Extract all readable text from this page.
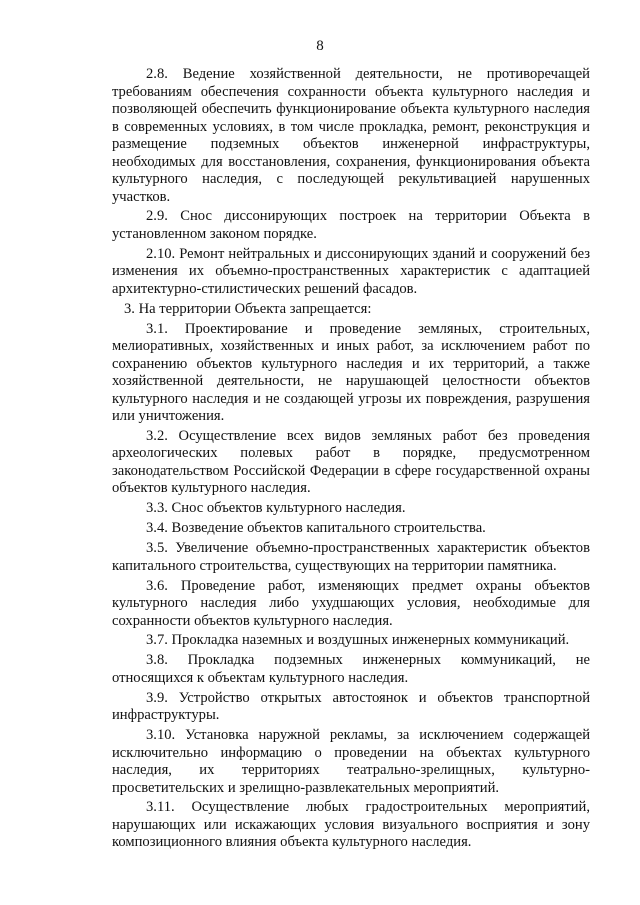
8

2.8. Ведение хозяйственной деятельности, не противоречащей требованиям обеспечения сохранности объекта культурного наследия и позволяющей обеспечить функционирование объекта культурного наследия в современных условиях, в том числе прокладка, ремонт, реконструкция и размещение подземных объектов инженерной инфраструктуры, необходимых для восстановления, сохранения, функционирования объекта культурного наследия, с последующей рекультивацией нарушенных участков.

2.9. Снос диссонирующих построек на территории Объекта в установленном законом порядке.

2.10. Ремонт нейтральных и диссонирующих зданий и сооружений без изменения их объемно-пространственных характеристик с адаптацией архитектурно-стилистических решений фасадов.

3. На территории Объекта запрещается:

3.1. Проектирование и проведение земляных, строительных, мелиоративных, хозяйственных и иных работ, за исключением работ по сохранению объектов культурного наследия и их территорий, а также хозяйственной деятельности, не нарушающей целостности объектов культурного наследия и не создающей угрозы их повреждения, разрушения или уничтожения.

3.2. Осуществление всех видов земляных работ без проведения археологических полевых работ в порядке, предусмотренном законодательством Российской Федерации в сфере государственной охраны объектов культурного наследия.

3.3. Снос объектов культурного наследия.

3.4. Возведение объектов капитального строительства.

3.5. Увеличение объемно-пространственных характеристик объектов капитального строительства, существующих на территории памятника.

3.6. Проведение работ, изменяющих предмет охраны объектов культурного наследия либо ухудшающих условия, необходимые для сохранности объектов культурного наследия.

3.7. Прокладка наземных и воздушных инженерных коммуникаций.

3.8. Прокладка подземных инженерных коммуникаций, не относящихся к объектам культурного наследия.

3.9. Устройство открытых автостоянок и объектов транспортной инфраструктуры.

3.10. Установка наружной рекламы, за исключением содержащей исключительно информацию о проведении на объектах культурного наследия, их территориях театрально-зрелищных, культурно-просветительских и зрелищно-развлекательных мероприятий.

3.11. Осуществление любых градостроительных мероприятий, нарушающих или искажающих условия визуального восприятия и зону композиционного влияния объекта культурного наследия.
